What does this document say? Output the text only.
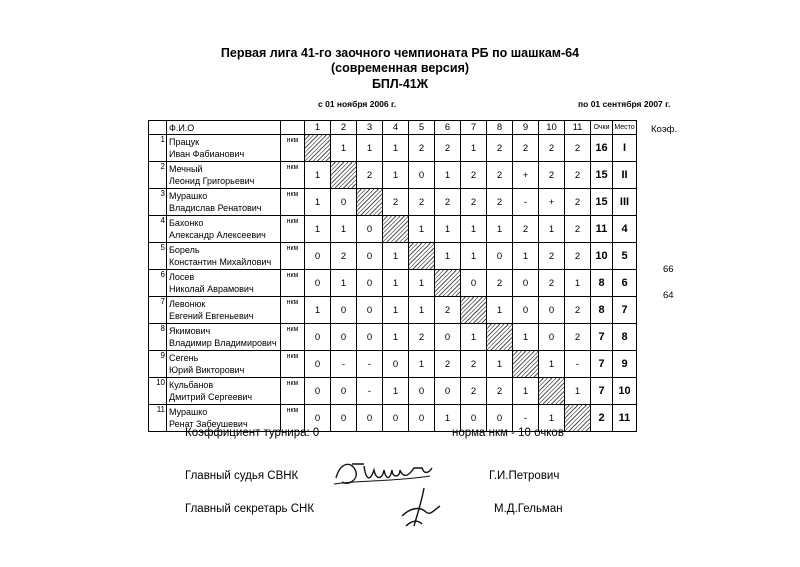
Первая лига 41-го заочного чемпионата РБ по шашкам-64
(современная версия)
БПЛ-41Ж
с 01 ноября 2006 г.	по 01 сентября 2007 г.
Коэф.
66
64
	Ф.И.О		1	2	3	4	5	6	7	8	9	10	11	Очки	Место
1	Працук
Иван Фабианович	нкм		1	1	1	2	2	1	2	2	2	2	16	I
2	Мечный
Леонид Григорьевич	нкм	1		2	1	0	1	2	2	+	2	2	15	II
3	Мурашко
Владислав Ренатович	нкм	1	0		2	2	2	2	2	-	+	2	15	III
4	Бахонко
Александр Алексеевич	нкм	1	1	0		1	1	1	1	2	1	2	11	4
5	Борель
Константин Михайлович	нкм	0	2	0	1		1	1	0	1	2	2	10	5
6	Лосев
Николай Аврамович	нкм	0	1	0	1	1		0	2	0	2	1	8	6
7	Левонюк
Евгений Евгеньевич	нкм	1	0	0	1	1	2		1	0	0	2	8	7
8	Якимович
Владимир Владимирович	нкм	0	0	0	1	2	0	1		1	0	2	7	8
9	Сегень
Юрий Викторович	нкм	0	-	-	0	1	2	2	1		1	-	7	9
10	Кульбанов
Дмитрий Сергеевич	нкм	0	0	-	1	0	0	2	2	1		1	7	10
11	Мурашко
Ренат Забеушевич	нкм	0	0	0	0	0	1	0	0	-	1		2	11
Коэффициент турнира: 0	норма нкм - 10 очков
Главный судья СВНК	Г.И.Петрович
Главный секретарь СНК	М.Д.Гельман
